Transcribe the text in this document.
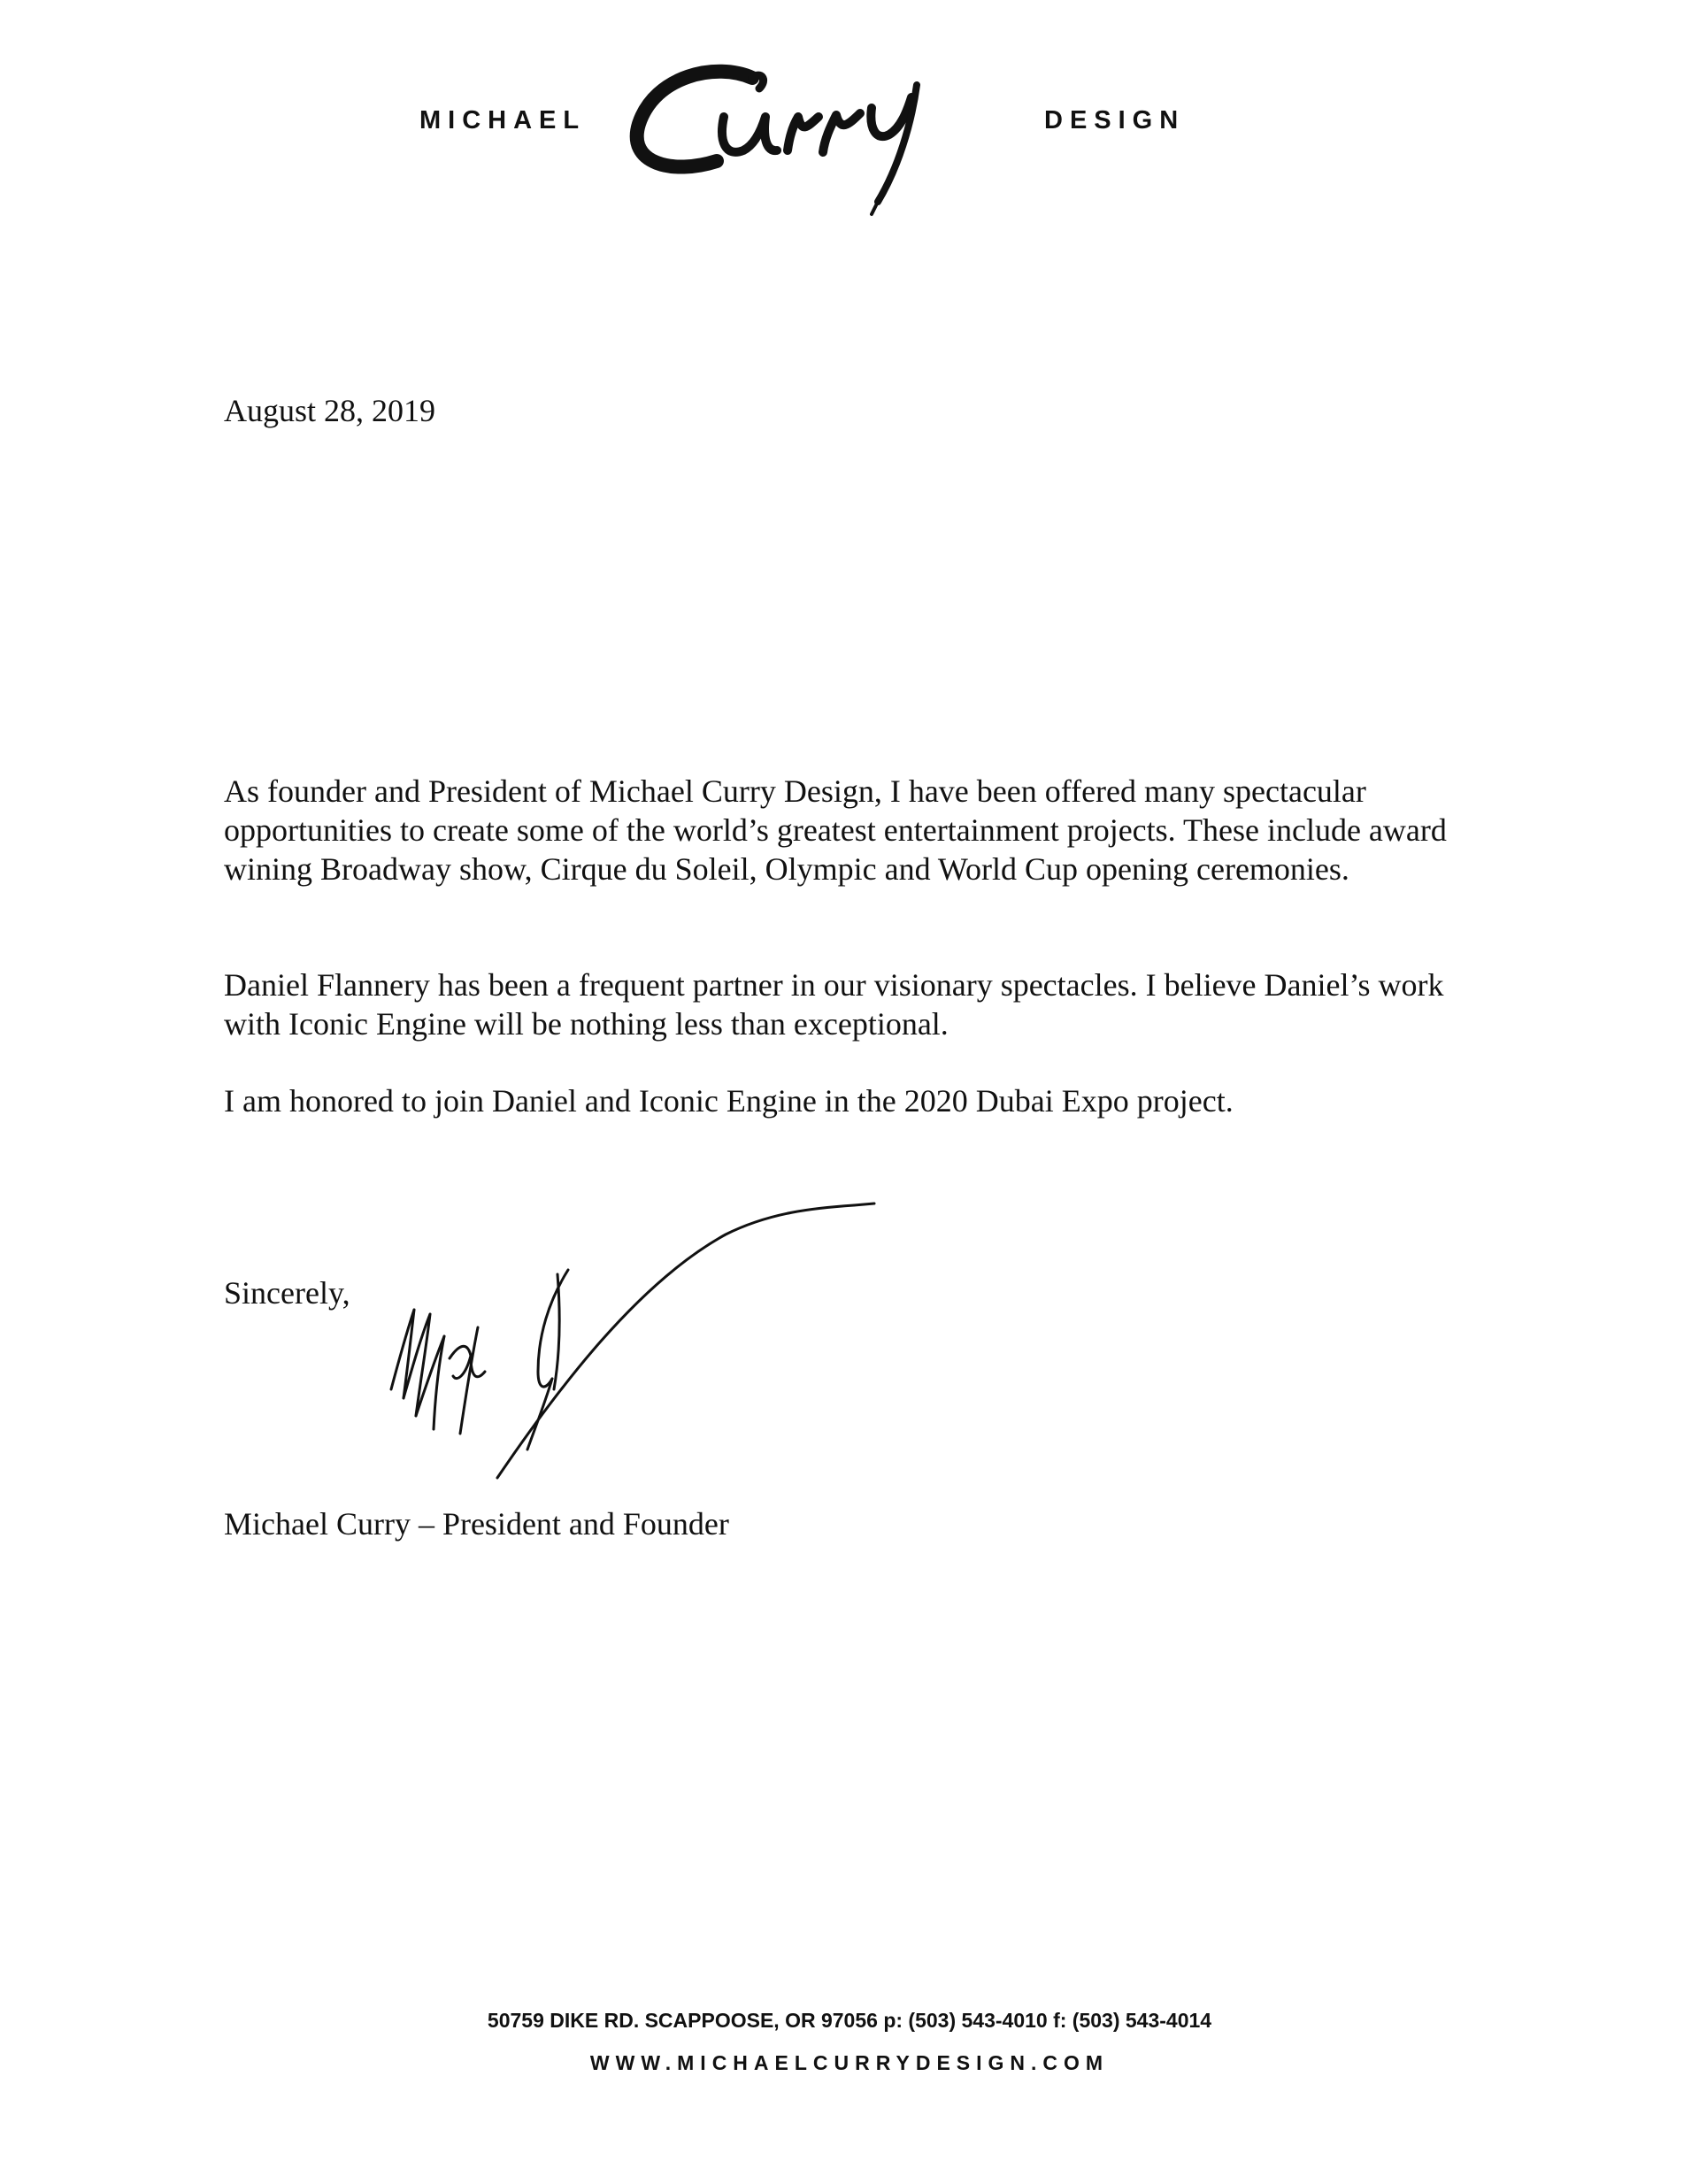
MICHAEL	DESIGN
August 28, 2019

As founder and President of Michael Curry Design, I have been offered many spectacular opportunities to create some of the world’s greatest entertainment projects. These include award wining Broadway show, Cirque du Soleil, Olympic and World Cup opening ceremonies.

Daniel Flannery has been a frequent partner in our visionary spectacles. I believe Daniel’s work with Iconic Engine will be nothing less than exceptional.

I am honored to join Daniel and Iconic Engine in the 2020 Dubai Expo project.

Sincerely,
Michael Curry – President and Founder
50759 DIKE RD. SCAPPOOSE, OR 97056 p: (503) 543-4010 f: (503) 543-4014
WWW.MICHAELCURRYDESIGN.COM
